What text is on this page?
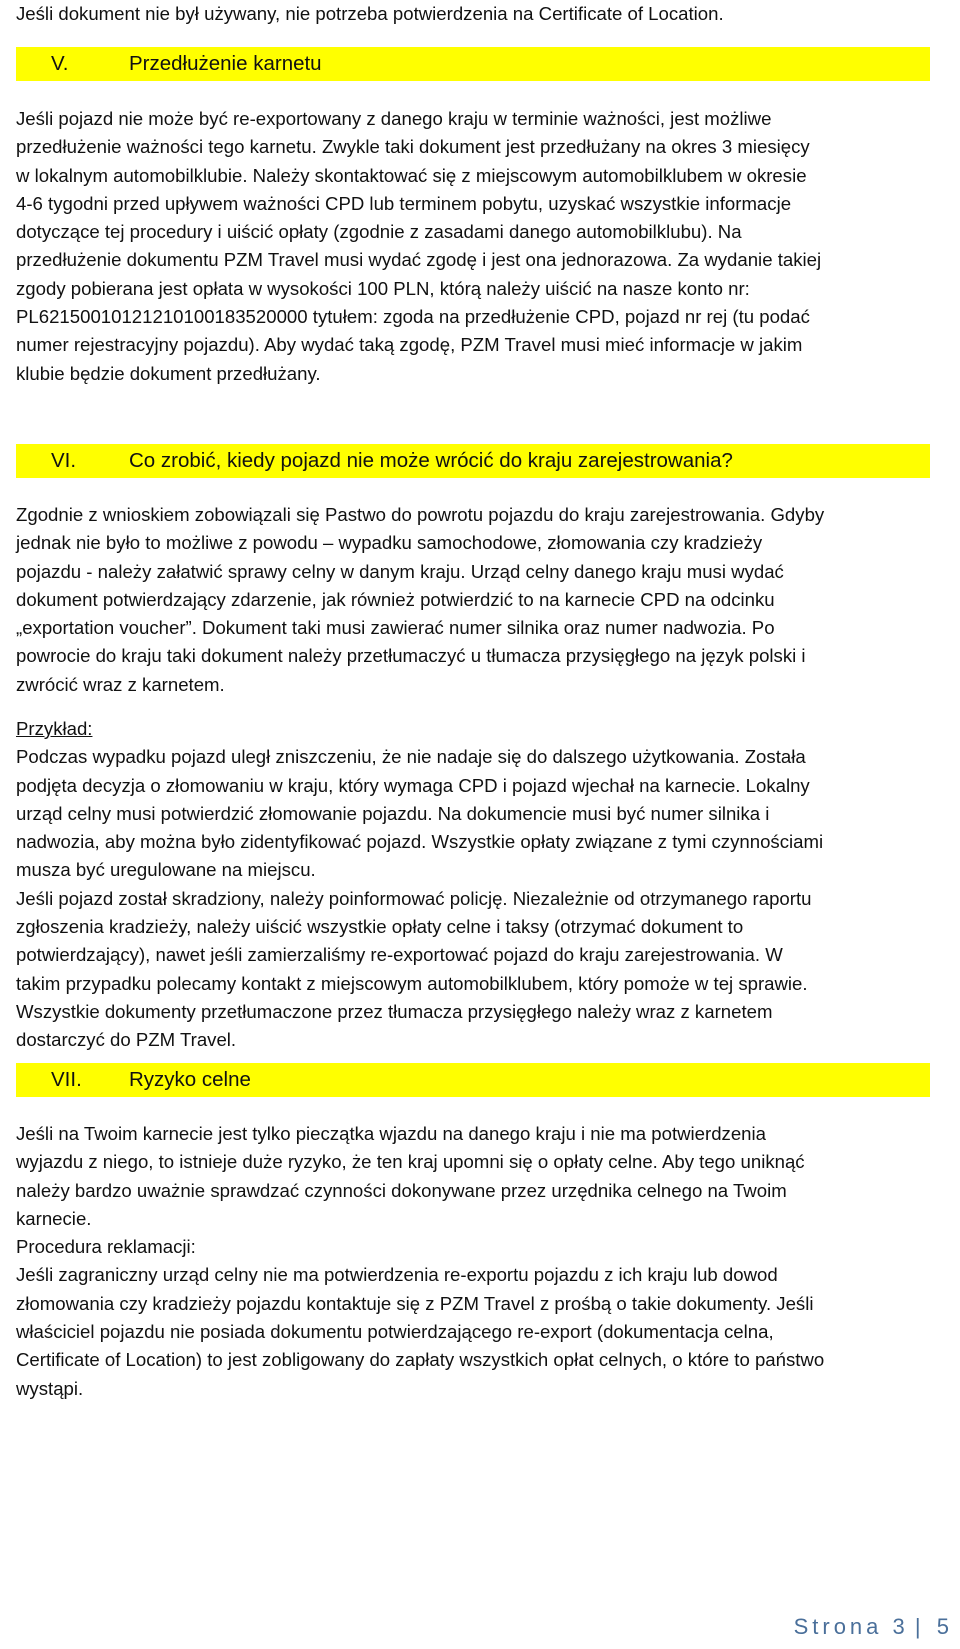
Jeśli dokument nie był używany, nie potrzeba potwierdzenia na Certificate of Location.

V.	Przedłużenie karnetu

Jeśli pojazd nie może być re-exportowany z danego kraju w terminie ważności, jest możliwe

przedłużenie ważności tego karnetu. Zwykle taki dokument jest przedłużany na okres 3 miesięcy

w lokalnym automobilklubie. Należy skontaktować się z miejscowym automobilklubem w okresie

4-6 tygodni przed upływem ważności CPD lub terminem pobytu, uzyskać wszystkie informacje

dotyczące tej procedury i uiścić opłaty (zgodnie z zasadami danego automobilklubu). Na

przedłużenie dokumentu PZM Travel musi wydać zgodę i jest ona jednorazowa. Za wydanie takiej

zgody pobierana jest opłata w wysokości 100 PLN, którą należy uiścić na nasze konto nr:

PL62150010121210100183520000 tytułem: zgoda na przedłużenie CPD, pojazd nr rej (tu podać

numer rejestracyjny pojazdu). Aby wydać taką zgodę, PZM Travel musi mieć informacje w jakim

klubie będzie dokument przedłużany.

VI.	Co zrobić, kiedy pojazd nie może wrócić do kraju zarejestrowania?

Zgodnie z wnioskiem zobowiązali się Pastwo do powrotu pojazdu do kraju zarejestrowania. Gdyby

jednak nie było to możliwe z powodu – wypadku samochodowe, złomowania czy kradzieży

pojazdu - należy załatwić sprawy celny w danym kraju. Urząd celny danego kraju musi wydać

dokument potwierdzający zdarzenie, jak również potwierdzić to na karnecie CPD na odcinku

„exportation voucher”. Dokument taki musi zawierać numer silnika oraz numer nadwozia. Po

powrocie do kraju taki dokument należy przetłumaczyć u tłumacza przysięgłego na język polski i

zwrócić wraz z karnetem.

Przykład:

Podczas wypadku pojazd uległ zniszczeniu, że nie nadaje się do dalszego użytkowania. Została

podjęta decyzja o złomowaniu w kraju, który wymaga CPD i pojazd wjechał na karnecie. Lokalny

urząd celny musi potwierdzić złomowanie pojazdu. Na dokumencie musi być numer silnika i

nadwozia, aby można było zidentyfikować pojazd. Wszystkie opłaty związane z tymi czynnościami

musza być uregulowane na miejscu.

Jeśli pojazd został skradziony, należy poinformować policję. Niezależnie od otrzymanego raportu

zgłoszenia kradzieży, należy uiścić wszystkie opłaty celne i taksy (otrzymać dokument to

potwierdzający), nawet jeśli zamierzaliśmy re-exportować pojazd do kraju zarejestrowania. W

takim przypadku polecamy kontakt z miejscowym automobilklubem, który pomoże w tej sprawie.

Wszystkie dokumenty przetłumaczone przez tłumacza przysięgłego należy wraz z karnetem

dostarczyć do PZM Travel.

VII. Ryzyko celne

Jeśli na Twoim karnecie jest tylko pieczątka wjazdu na danego kraju i nie ma potwierdzenia

wyjazdu z niego, to istnieje duże ryzyko, że ten kraj upomni się o opłaty celne. Aby tego uniknąć

należy bardzo uważnie sprawdzać czynności dokonywane przez urzędnika celnego na Twoim

karnecie.

Procedura reklamacji:

Jeśli zagraniczny urząd celny nie ma potwierdzenia re-exportu pojazdu z ich kraju lub dowod

złomowania czy kradzieży pojazdu kontaktuje się z PZM Travel z prośbą o takie dokumenty. Jeśli

właściciel pojazdu nie posiada dokumentu potwierdzającego re-export (dokumentacja celna,

Certificate of Location) to jest zobligowany do zapłaty wszystkich opłat celnych, o które to państwo

wystąpi.

Strona 3 | 5
